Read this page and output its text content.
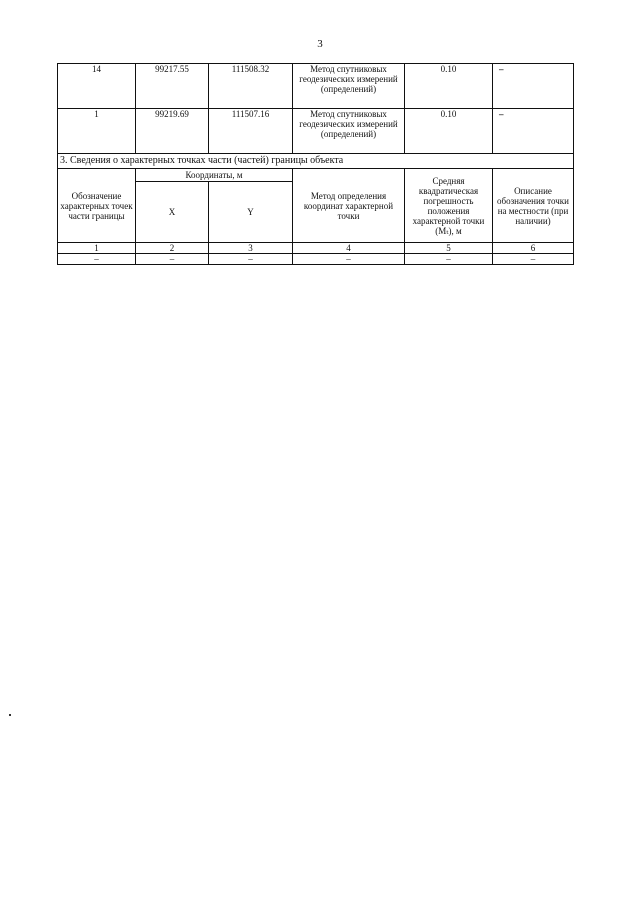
3
14	99217.55	111508.32	Метод спутниковых геодезических измерений (определений)	0.10	–
1	99219.69	111507.16	Метод спутниковых геодезических измерений (определений)	0.10	–
3. Сведения о характерных точках части (частей) границы объекта					
Обозначение характерных точек части границы	Координаты, м		Метод определения координат характерной точки	Средняя квадратическая погрешность положения характерной точки (Mₜ), м	Описание обозначения точки на местности (при наличии)
	X	Y			
1	2	3	4	5	6
–	–	–	–	–	–
